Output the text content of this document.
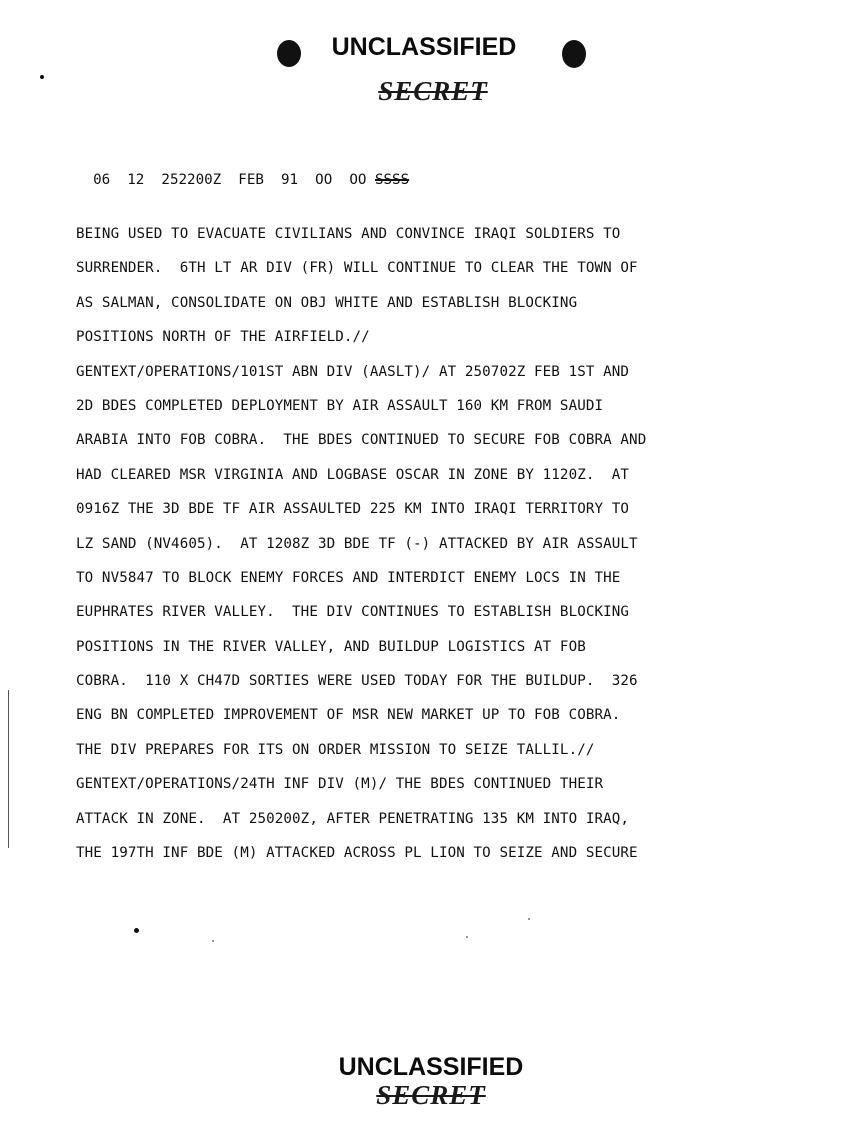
UNCLASSIFIED
SECRET

06  12  252200Z  FEB  91  OO  OO SSSS

BEING USED TO EVACUATE CIVILIANS AND CONVINCE IRAQI SOLDIERS TO
SURRENDER.  6TH LT AR DIV (FR) WILL CONTINUE TO CLEAR THE TOWN OF
AS SALMAN, CONSOLIDATE ON OBJ WHITE AND ESTABLISH BLOCKING
POSITIONS NORTH OF THE AIRFIELD.//
GENTEXT/OPERATIONS/101ST ABN DIV (AASLT)/ AT 250702Z FEB 1ST AND
2D BDES COMPLETED DEPLOYMENT BY AIR ASSAULT 160 KM FROM SAUDI
ARABIA INTO FOB COBRA.  THE BDES CONTINUED TO SECURE FOB COBRA AND
HAD CLEARED MSR VIRGINIA AND LOGBASE OSCAR IN ZONE BY 1120Z.  AT
0916Z THE 3D BDE TF AIR ASSAULTED 225 KM INTO IRAQI TERRITORY TO
LZ SAND (NV4605).  AT 1208Z 3D BDE TF (-) ATTACKED BY AIR ASSAULT
TO NV5847 TO BLOCK ENEMY FORCES AND INTERDICT ENEMY LOCS IN THE
EUPHRATES RIVER VALLEY.  THE DIV CONTINUES TO ESTABLISH BLOCKING
POSITIONS IN THE RIVER VALLEY, AND BUILDUP LOGISTICS AT FOB
COBRA.  110 X CH47D SORTIES WERE USED TODAY FOR THE BUILDUP.  326
ENG BN COMPLETED IMPROVEMENT OF MSR NEW MARKET UP TO FOB COBRA.
THE DIV PREPARES FOR ITS ON ORDER MISSION TO SEIZE TALLIL.//
GENTEXT/OPERATIONS/24TH INF DIV (M)/ THE BDES CONTINUED THEIR
ATTACK IN ZONE.  AT 250200Z, AFTER PENETRATING 135 KM INTO IRAQ,
THE 197TH INF BDE (M) ATTACKED ACROSS PL LION TO SEIZE AND SECURE
UNCLASSIFIED
SECRET
